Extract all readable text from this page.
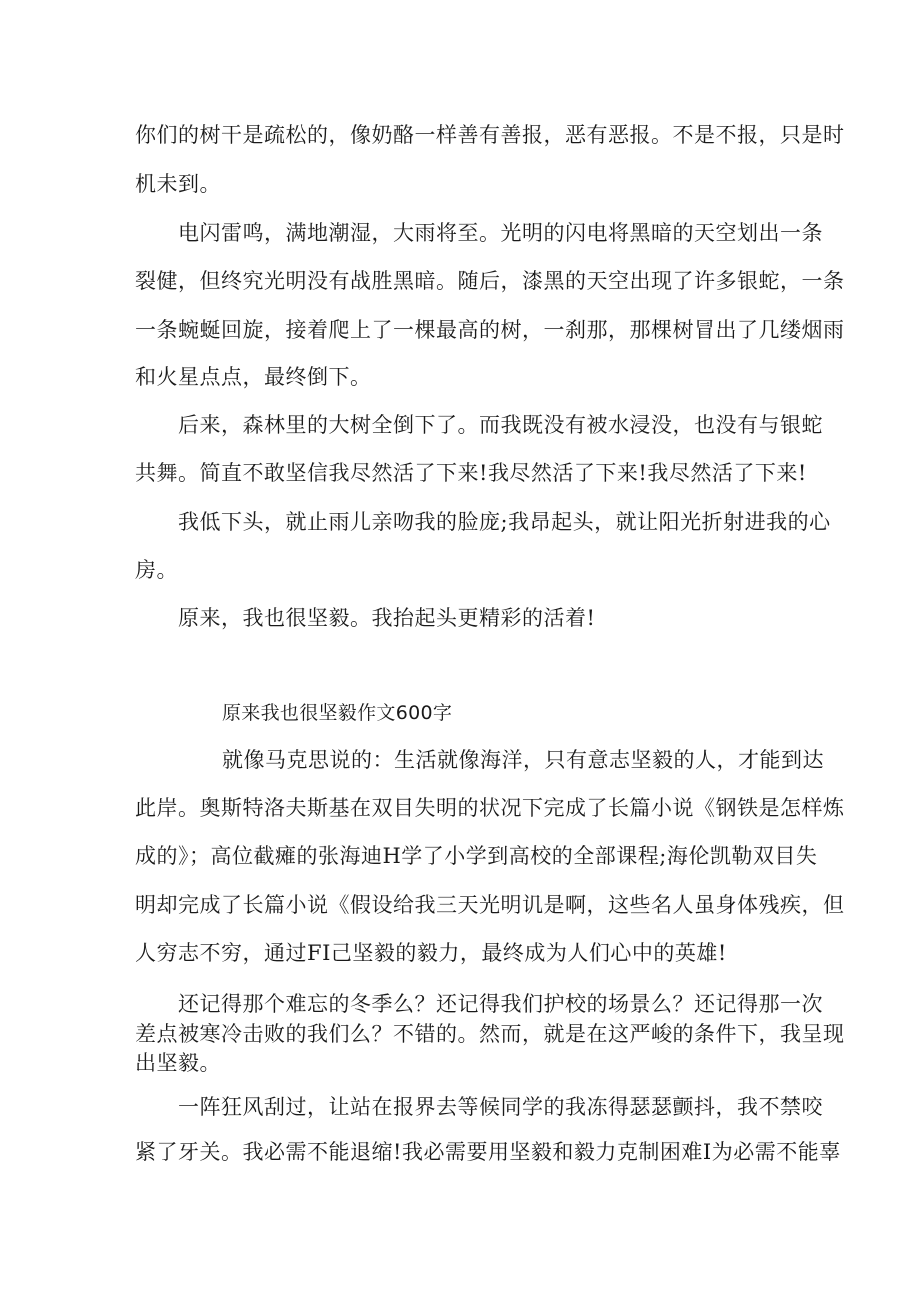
你们的树干是疏松的，像奶酪一样善有善报，恶有恶报。不是不报，只是时
机未到。
电闪雷鸣，满地潮湿，大雨将至。光明的闪电将黑暗的天空划出一条
裂健，但终究光明没有战胜黑暗。随后，漆黑的天空出现了许多银蛇，一条
一条蜿蜒回旋，接着爬上了一棵最高的树，一刹那，那棵树冒出了几缕烟雨
和火星点点，最终倒下。
后来，森林里的大树全倒下了。而我既没有被水浸没，也没有与银蛇
共舞。简直不敢坚信我尽然活了下来!我尽然活了下来!我尽然活了下来!
我低下头，就止雨儿亲吻我的脸庞;我昂起头，就让阳光折射进我的心
房。
原来，我也很坚毅。我抬起头更精彩的活着!
原来我也很坚毅作文600字
就像马克思说的：生活就像海洋，只有意志坚毅的人，才能到达
此岸。奥斯特洛夫斯基在双目失明的状况下完成了长篇小说《钢铁是怎样炼
成的》；高位截瘫的张海迪H学了小学到高校的全部课程;海伦凯勒双目失
明却完成了长篇小说《假设给我三天光明讥是啊，这些名人虽身体残疾，但
人穷志不穷，通过FI己坚毅的毅力，最终成为人们心中的英雄!
还记得那个难忘的冬季么？还记得我们护校的场景么？还记得那一次
差点被寒冷击败的我们么？不错的。然而，就是在这严峻的条件下，我呈现
出坚毅。
一阵狂风刮过，让站在报界去等候同学的我冻得瑟瑟颤抖，我不禁咬
紧了牙关。我必需不能退缩!我必需要用坚毅和毅力克制困难I为必需不能辜
